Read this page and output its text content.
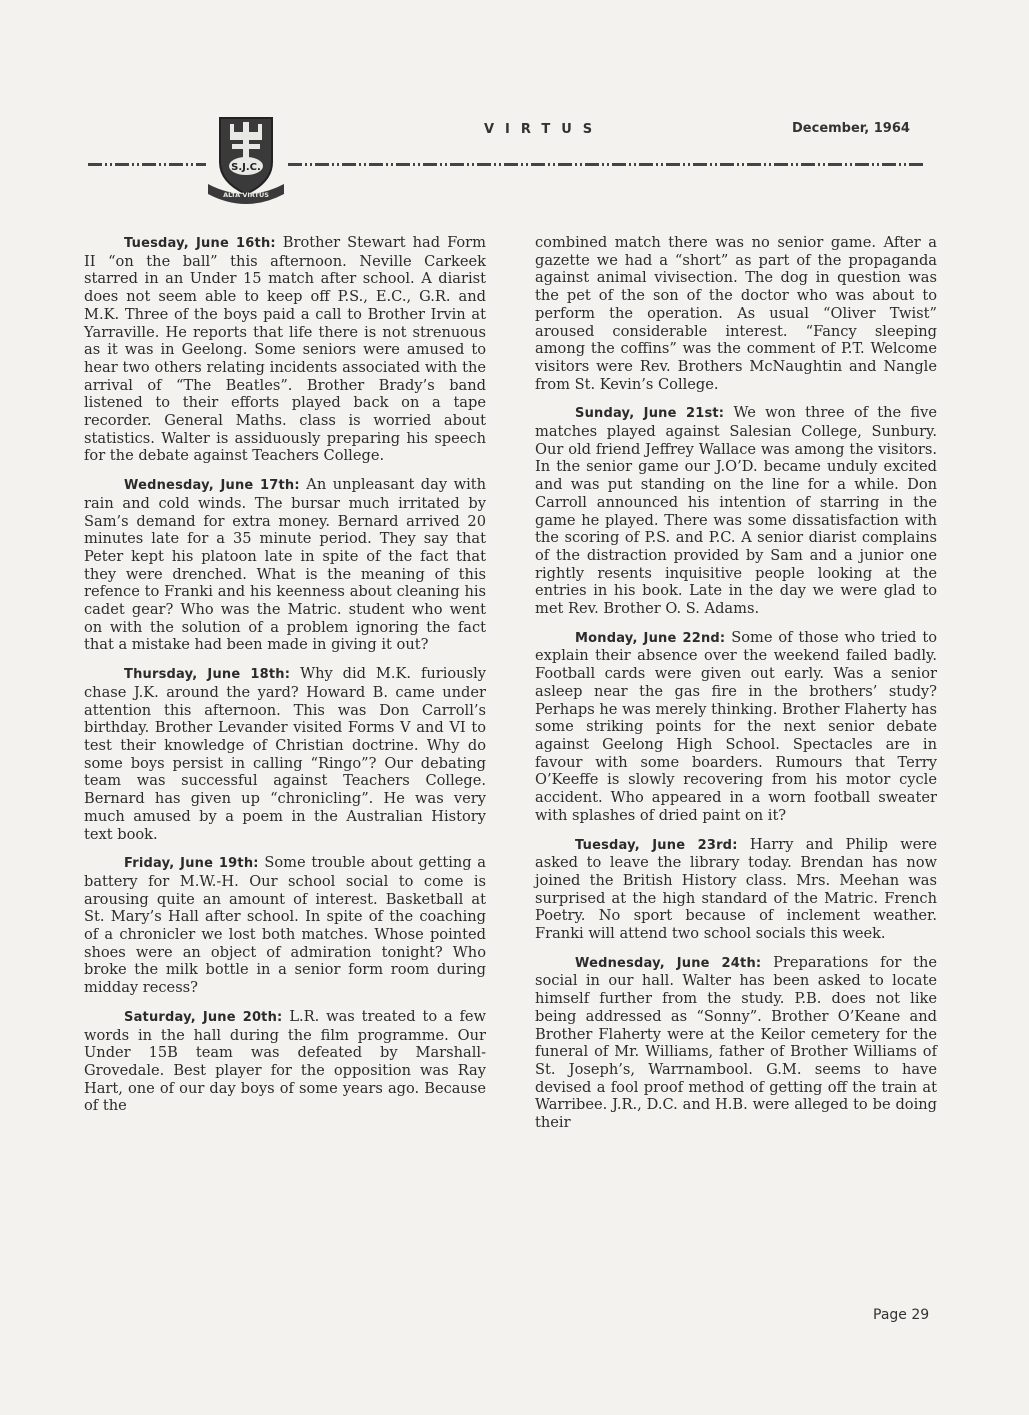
S.J.C.
ALTA VIRTUS
VIRTUS	December, 1964

Tuesday, June 16th: Brother Stewart had Form II “on the ball” this afternoon. Neville Carkeek starred in an Under 15 match after school. A diarist does not seem able to keep off P.S., E.C., G.R. and M.K. Three of the boys paid a call to Brother Irvin at Yarraville. He reports that life there is not strenuous as it was in Geelong. Some seniors were amused to hear two others relating incidents associated with the arrival of “The Beatles”. Brother Brady’s band listened to their efforts played back on a tape recorder. General Maths. class is worried about statistics. Walter is assiduously preparing his speech for the debate against Teachers College.

Wednesday, June 17th: An unpleasant day with rain and cold winds. The bursar much irritated by Sam’s demand for extra money. Bernard arrived 20 minutes late for a 35 minute period. They say that Peter kept his platoon late in spite of the fact that they were drenched. What is the meaning of this refence to Franki and his keenness about cleaning his cadet gear? Who was the Matric. student who went on with the solution of a problem ignoring the fact that a mistake had been made in giving it out?

Thursday, June 18th: Why did M.K. furiously chase J.K. around the yard? Howard B. came under attention this afternoon. This was Don Carroll’s birthday. Brother Levander visited Forms V and VI to test their knowledge of Christian doctrine. Why do some boys persist in calling “Ringo”? Our debating team was successful against Teachers College. Bernard has given up “chronicling”. He was very much amused by a poem in the Australian History text book.

Friday, June 19th: Some trouble about getting a battery for M.W.-H. Our school social to come is arousing quite an amount of interest. Basketball at St. Mary’s Hall after school. In spite of the coaching of a chronicler we lost both matches. Whose pointed shoes were an object of admiration tonight? Who broke the milk bottle in a senior form room during midday recess?

Saturday, June 20th: L.R. was treated to a few words in the hall during the film programme. Our Under 15B team was defeated by Marshall-Grovedale. Best player for the opposition was Ray Hart, one of our day boys of some years ago. Because of the

combined match there was no senior game. After a gazette we had a “short” as part of the propaganda against animal vivisection. The dog in question was the pet of the son of the doctor who was about to perform the operation. As usual “Oliver Twist” aroused considerable interest. “Fancy sleeping among the coffins” was the comment of P.T. Welcome visitors were Rev. Brothers McNaughtin and Nangle from St. Kevin’s College.

Sunday, June 21st: We won three of the five matches played against Salesian College, Sunbury. Our old friend Jeffrey Wallace was among the visitors. In the senior game our J.O’D. became unduly excited and was put standing on the line for a while. Don Carroll announced his intention of starring in the game he played. There was some dissatisfaction with the scoring of P.S. and P.C. A senior diarist complains of the distraction provided by Sam and a junior one rightly resents inquisitive people looking at the entries in his book. Late in the day we were glad to met Rev. Brother O. S. Adams.

Monday, June 22nd: Some of those who tried to explain their absence over the weekend failed badly. Football cards were given out early. Was a senior asleep near the gas fire in the brothers’ study? Perhaps he was merely thinking. Brother Flaherty has some striking points for the next senior debate against Geelong High School. Spectacles are in favour with some boarders. Rumours that Terry O’Keeffe is slowly recovering from his motor cycle accident. Who appeared in a worn football sweater with splashes of dried paint on it?

Tuesday, June 23rd: Harry and Philip were asked to leave the library today. Brendan has now joined the British History class. Mrs. Meehan was surprised at the high standard of the Matric. French Poetry. No sport because of inclement weather. Franki will attend two school socials this week.

Wednesday, June 24th: Preparations for the social in our hall. Walter has been asked to locate himself further from the study. P.B. does not like being addressed as “Sonny”. Brother O’Keane and Brother Flaherty were at the Keilor cemetery for the funeral of Mr. Williams, father of Brother Williams of St. Joseph’s, Warrnambool. G.M. seems to have devised a fool proof method of getting off the train at Warribee. J.R., D.C. and H.B. were alleged to be doing their

Page 29
